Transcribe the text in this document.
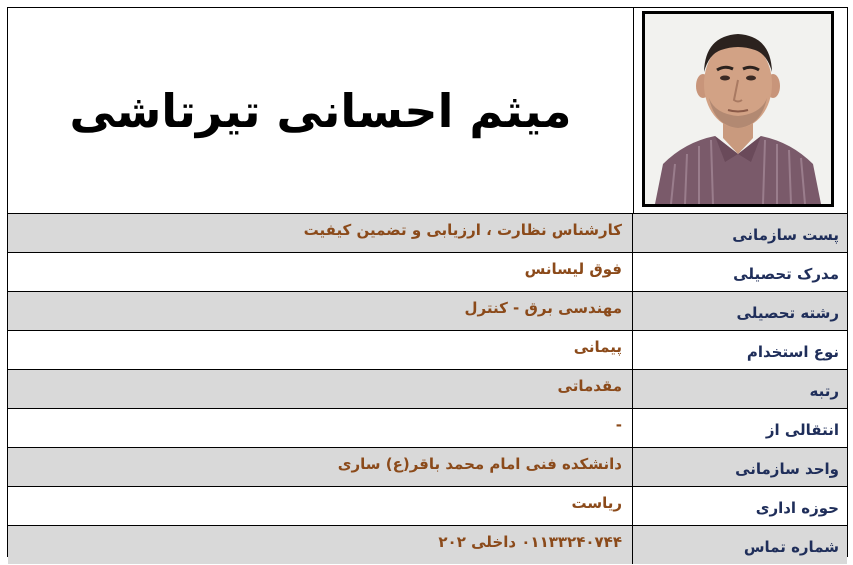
میثم احسانی تیرتاشی
کارشناس نظارت ، ارزیابی و تضمین کیفیت	پست سازمانی
فوق لیسانس	مدرک تحصیلی
مهندسی برق - کنترل	رشته تحصیلی
پیمانی	نوع استخدام
مقدماتی	رتبه
-	انتقالی از
دانشکده فنی امام محمد باقر(ع) ساری	واحد سازمانی
ریاست	حوزه اداری
۰۱۱۳۳۲۴۰۷۴۴ داخلی ۲۰۲	شماره تماس
